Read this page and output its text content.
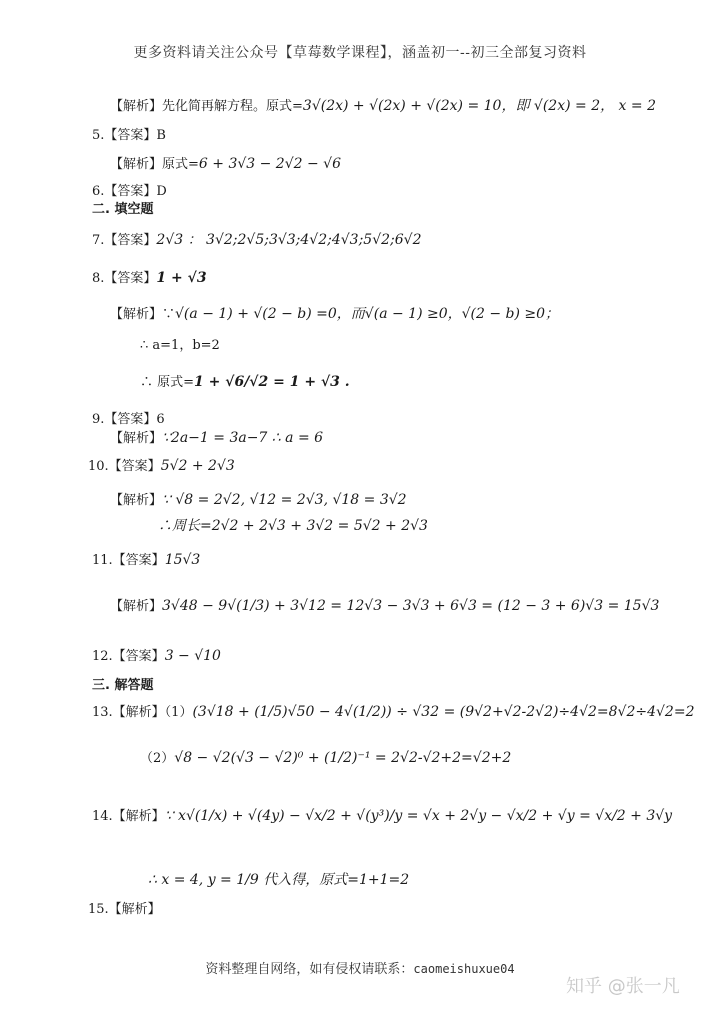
更多资料请关注公众号【草莓数学课程】，涵盖初一--初三全部复习资料
【解析】先化简再解方程。原式=3√(2x) + √(2x) + √(2x) = 10，即 √(2x) = 2， x = 2
5.【答案】B
【解析】原式=6 + 3√3 − 2√2 − √6
6.【答案】D
二. 填空题
7.【答案】2√3 ： 3√2;2√5;3√3;4√2;4√3;5√2;6√2
8.【答案】1 + √3
【解析】∵√(a − 1) + √(2 − b) =0，而√(a − 1) ≥0，√(2 − b) ≥0；
∴ a=1，b=2
∴ 原式=1 + √6/√2 = 1 + √3 .
9.【答案】6
【解析】∵2a−1 = 3a−7 ∴ a = 6
10.【答案】5√2 + 2√3
【解析】∵ √8 = 2√2, √12 = 2√3, √18 = 3√2
∴周长=2√2 + 2√3 + 3√2 = 5√2 + 2√3
11.【答案】15√3
【解析】3√48 − 9√(1/3) + 3√12 = 12√3 − 3√3 + 6√3 = (12 − 3 + 6)√3 = 15√3
12.【答案】3 − √10
三. 解答题
13.【解析】（1）(3√18 + (1/5)√50 − 4√(1/2)) ÷ √32 = (9√2+√2-2√2)÷4√2=8√2÷4√2=2
（2）√8 − √2(√3 − √2)⁰ + (1/2)⁻¹ = 2√2-√2+2=√2+2
14.【解析】∵ x√(1/x) + √(4y) − √x/2 + √(y³)/y = √x + 2√y − √x/2 + √y = √x/2 + 3√y
∴ x = 4, y = 1/9 代入得，原式=1+1=2
15.【解析】
资料整理自网络，如有侵权请联系：caomeishuxue04
知乎 @张一凡
